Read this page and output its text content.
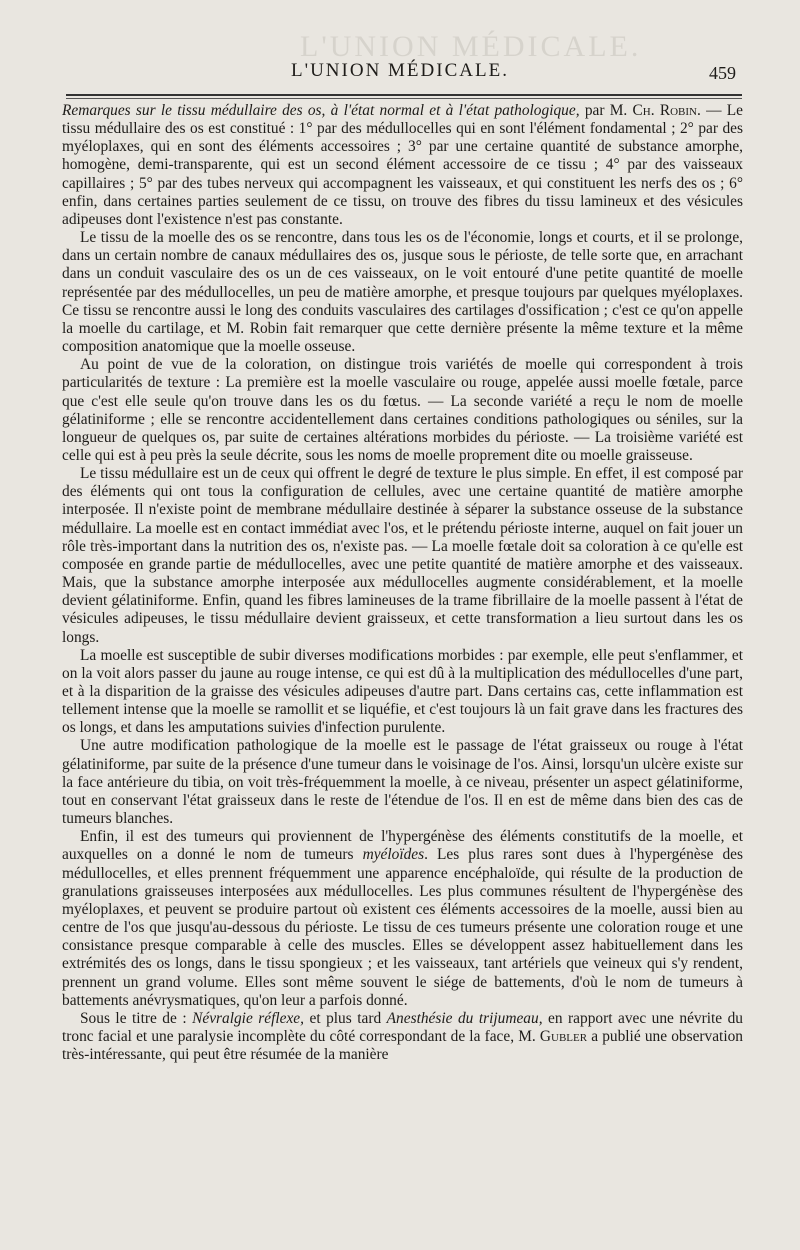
L'UNION MÉDICALE.
L'UNION MÉDICALE.	459

Remarques sur le tissu médullaire des os, à l'état normal et à l'état pathologique, par M. Ch. Robin. — Le tissu médullaire des os est constitué : 1° par des médullocelles qui en sont l'élément fondamental ; 2° par des myéloplaxes, qui en sont des éléments accessoires ; 3° par une certaine quantité de substance amorphe, homogène, demi-transparente, qui est un second élément accessoire de ce tissu ; 4° par des vaisseaux capillaires ; 5° par des tubes nerveux qui accompagnent les vaisseaux, et qui constituent les nerfs des os ; 6° enfin, dans certaines parties seulement de ce tissu, on trouve des fibres du tissu lamineux et des vésicules adipeuses dont l'existence n'est pas constante.

Le tissu de la moelle des os se rencontre, dans tous les os de l'économie, longs et courts, et il se prolonge, dans un certain nombre de canaux médullaires des os, jusque sous le périoste, de telle sorte que, en arrachant dans un conduit vasculaire des os un de ces vaisseaux, on le voit entouré d'une petite quantité de moelle représentée par des médullocelles, un peu de matière amorphe, et presque toujours par quelques myéloplaxes. Ce tissu se rencontre aussi le long des conduits vasculaires des cartilages d'ossification ; c'est ce qu'on appelle la moelle du cartilage, et M. Robin fait remarquer que cette dernière présente la même texture et la même composition anatomique que la moelle osseuse.

Au point de vue de la coloration, on distingue trois variétés de moelle qui correspondent à trois particularités de texture : La première est la moelle vasculaire ou rouge, appelée aussi moelle fœtale, parce que c'est elle seule qu'on trouve dans les os du fœtus. — La seconde variété a reçu le nom de moelle gélatiniforme ; elle se rencontre accidentellement dans certaines conditions pathologiques ou séniles, sur la longueur de quelques os, par suite de certaines altérations morbides du périoste. — La troisième variété est celle qui est à peu près la seule décrite, sous les noms de moelle proprement dite ou moelle graisseuse.

Le tissu médullaire est un de ceux qui offrent le degré de texture le plus simple. En effet, il est composé par des éléments qui ont tous la configuration de cellules, avec une certaine quantité de matière amorphe interposée. Il n'existe point de membrane médullaire destinée à séparer la substance osseuse de la substance médullaire. La moelle est en contact immédiat avec l'os, et le prétendu périoste interne, auquel on fait jouer un rôle très-important dans la nutrition des os, n'existe pas. — La moelle fœtale doit sa coloration à ce qu'elle est composée en grande partie de médullocelles, avec une petite quantité de matière amorphe et des vaisseaux. Mais, que la substance amorphe interposée aux médullocelles augmente considérablement, et la moelle devient gélatiniforme. Enfin, quand les fibres lamineuses de la trame fibrillaire de la moelle passent à l'état de vésicules adipeuses, le tissu médullaire devient graisseux, et cette transformation a lieu surtout dans les os longs.

La moelle est susceptible de subir diverses modifications morbides : par exemple, elle peut s'enflammer, et on la voit alors passer du jaune au rouge intense, ce qui est dû à la multiplication des médullocelles d'une part, et à la disparition de la graisse des vésicules adipeuses d'autre part. Dans certains cas, cette inflammation est tellement intense que la moelle se ramollit et se liquéfie, et c'est toujours là un fait grave dans les fractures des os longs, et dans les amputations suivies d'infection purulente.

Une autre modification pathologique de la moelle est le passage de l'état graisseux ou rouge à l'état gélatiniforme, par suite de la présence d'une tumeur dans le voisinage de l'os. Ainsi, lorsqu'un ulcère existe sur la face antérieure du tibia, on voit très-fréquemment la moelle, à ce niveau, présenter un aspect gélatiniforme, tout en conservant l'état graisseux dans le reste de l'étendue de l'os. Il en est de même dans bien des cas de tumeurs blanches.

Enfin, il est des tumeurs qui proviennent de l'hypergénèse des éléments constitutifs de la moelle, et auxquelles on a donné le nom de tumeurs myéloïdes. Les plus rares sont dues à l'hypergénèse des médullocelles, et elles prennent fréquemment une apparence encéphaloïde, qui résulte de la production de granulations graisseuses interposées aux médullocelles. Les plus communes résultent de l'hypergénèse des myéloplaxes, et peuvent se produire partout où existent ces éléments accessoires de la moelle, aussi bien au centre de l'os que jusqu'au-dessous du périoste. Le tissu de ces tumeurs présente une coloration rouge et une consistance presque comparable à celle des muscles. Elles se développent assez habituellement dans les extrémités des os longs, dans le tissu spongieux ; et les vaisseaux, tant artériels que veineux qui s'y rendent, prennent un grand volume. Elles sont même souvent le siége de battements, d'où le nom de tumeurs à battements anévrysmatiques, qu'on leur a parfois donné.

Sous le titre de : Névralgie réflexe, et plus tard Anesthésie du trijumeau, en rapport avec une névrite du tronc facial et une paralysie incomplète du côté correspondant de la face, M. Gubler a publié une observation très-intéressante, qui peut être résumée de la manière
